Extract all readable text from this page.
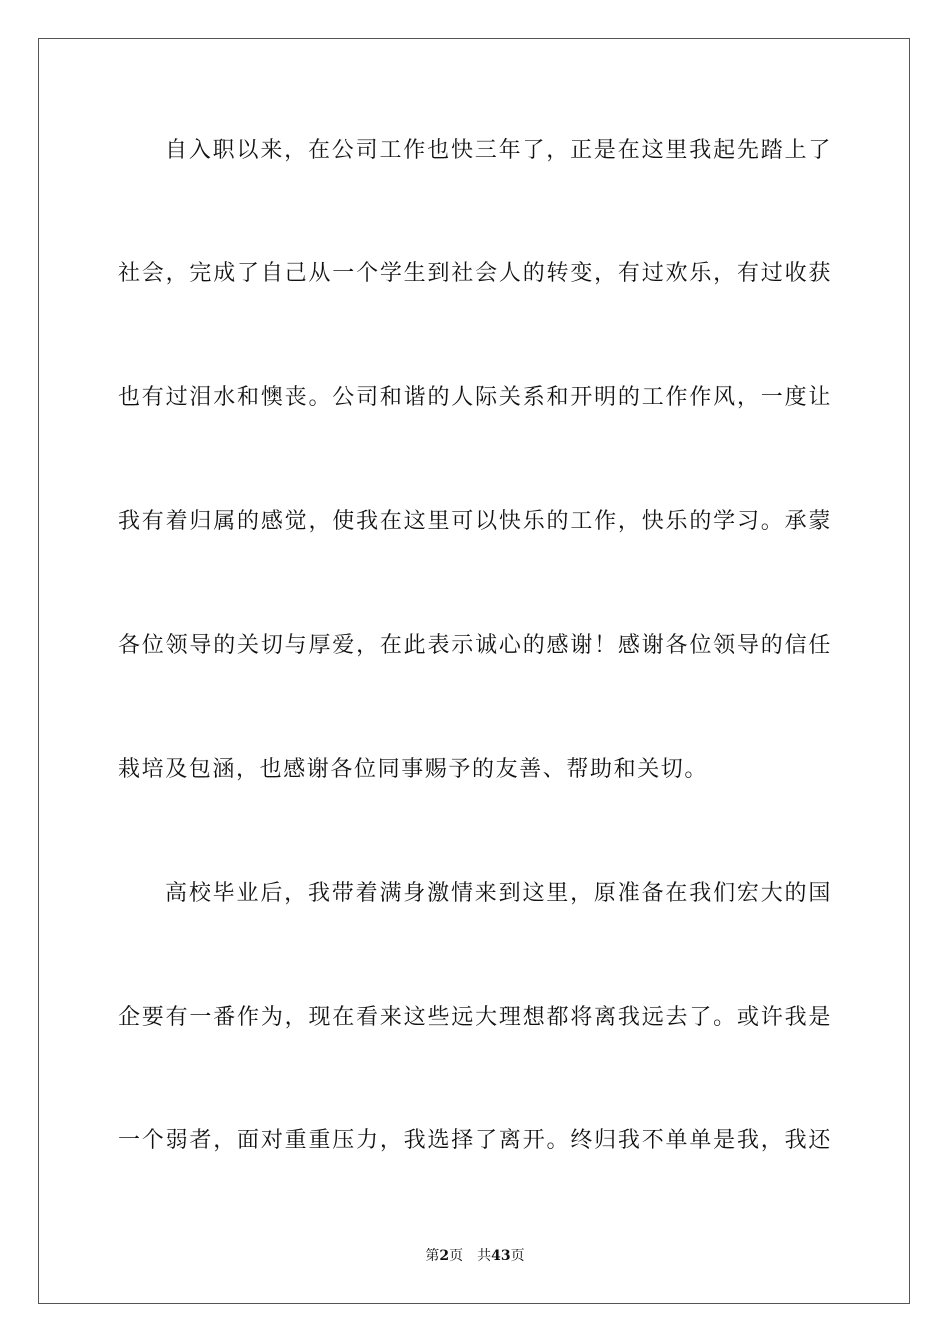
自入职以来，在公司工作也快三年了，正是在这里我起先踏上了
社会，完成了自己从一个学生到社会人的转变，有过欢乐，有过收获
也有过泪水和懊丧。公司和谐的人际关系和开明的工作作风，一度让
我有着归属的感觉，使我在这里可以快乐的工作，快乐的学习。承蒙
各位领导的关切与厚爱，在此表示诚心的感谢！感谢各位领导的信任
栽培及包涵，也感谢各位同事赐予的友善、帮助和关切。
高校毕业后，我带着满身激情来到这里，原准备在我们宏大的国
企要有一番作为，现在看来这些远大理想都将离我远去了。或许我是
一个弱者，面对重重压力，我选择了离开。终归我不单单是我，我还
第2页 共43页
